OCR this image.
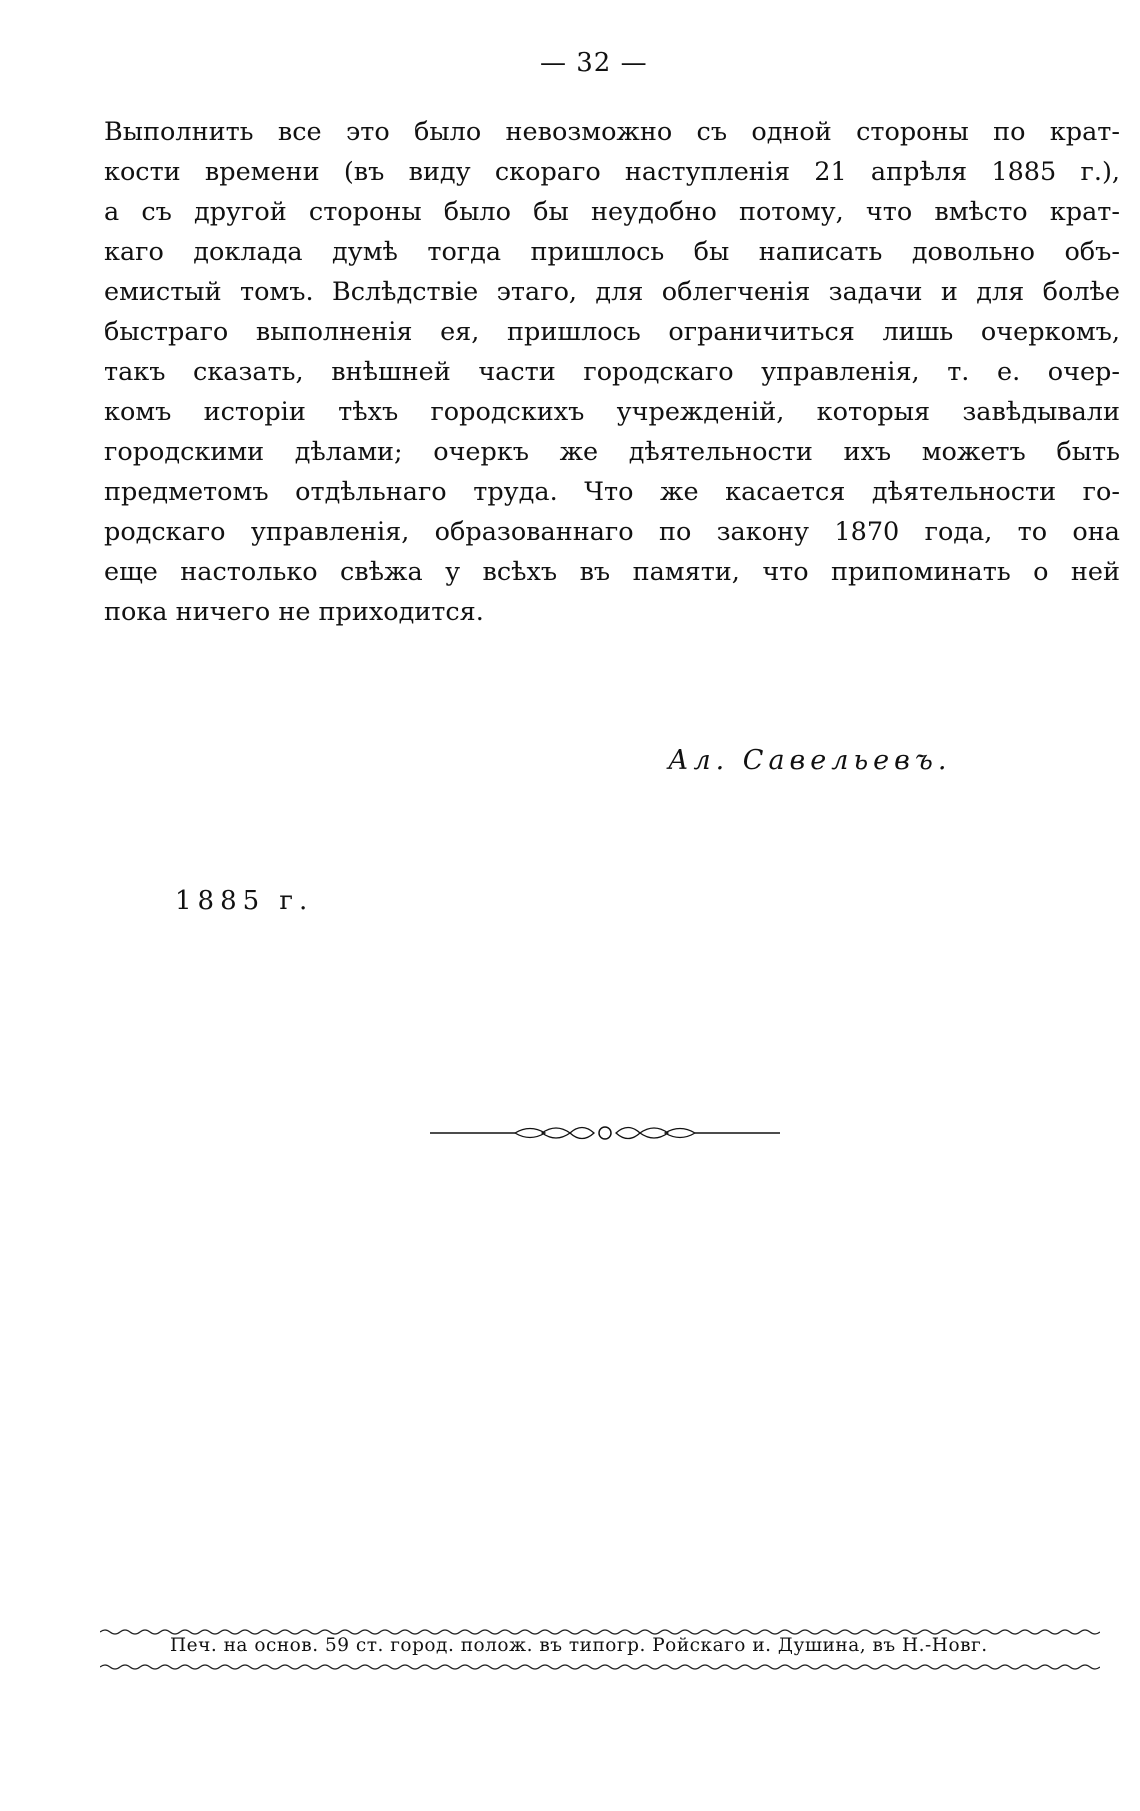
— 32 —
Выполнить все это было невозможно съ одной стороны по крат-
кости времени (въ виду скораго наступленія 21 апрѣля 1885 г.),
а съ другой стороны было бы неудобно потому, что вмѣсто крат-
каго доклада думѣ тогда пришлось бы написать довольно объ-
емистый томъ. Вслѣдствіе этаго, для облегченія задачи и для болѣе
быстраго выполненія ея, пришлось ограничиться лишь очеркомъ,
такъ сказать, внѣшней части городскаго управленія, т. е. очер-
комъ исторіи тѣхъ городскихъ учрежденій, которыя завѣдывали
городскими дѣлами; очеркъ же дѣятельности ихъ можетъ быть
предметомъ отдѣльнаго труда. Что же касается дѣятельности го-
родскаго управленія, образованнаго по закону 1870 года, то она
еще настолько свѣжа у всѣхъ въ памяти, что припоминать о ней
пока ничего не приходится.
Ал. Савельевъ.
1885 г.
Печ. на основ. 59 ст. город. полож. въ типогр. Ройскаго и. Душина, въ Н.-Новг.
